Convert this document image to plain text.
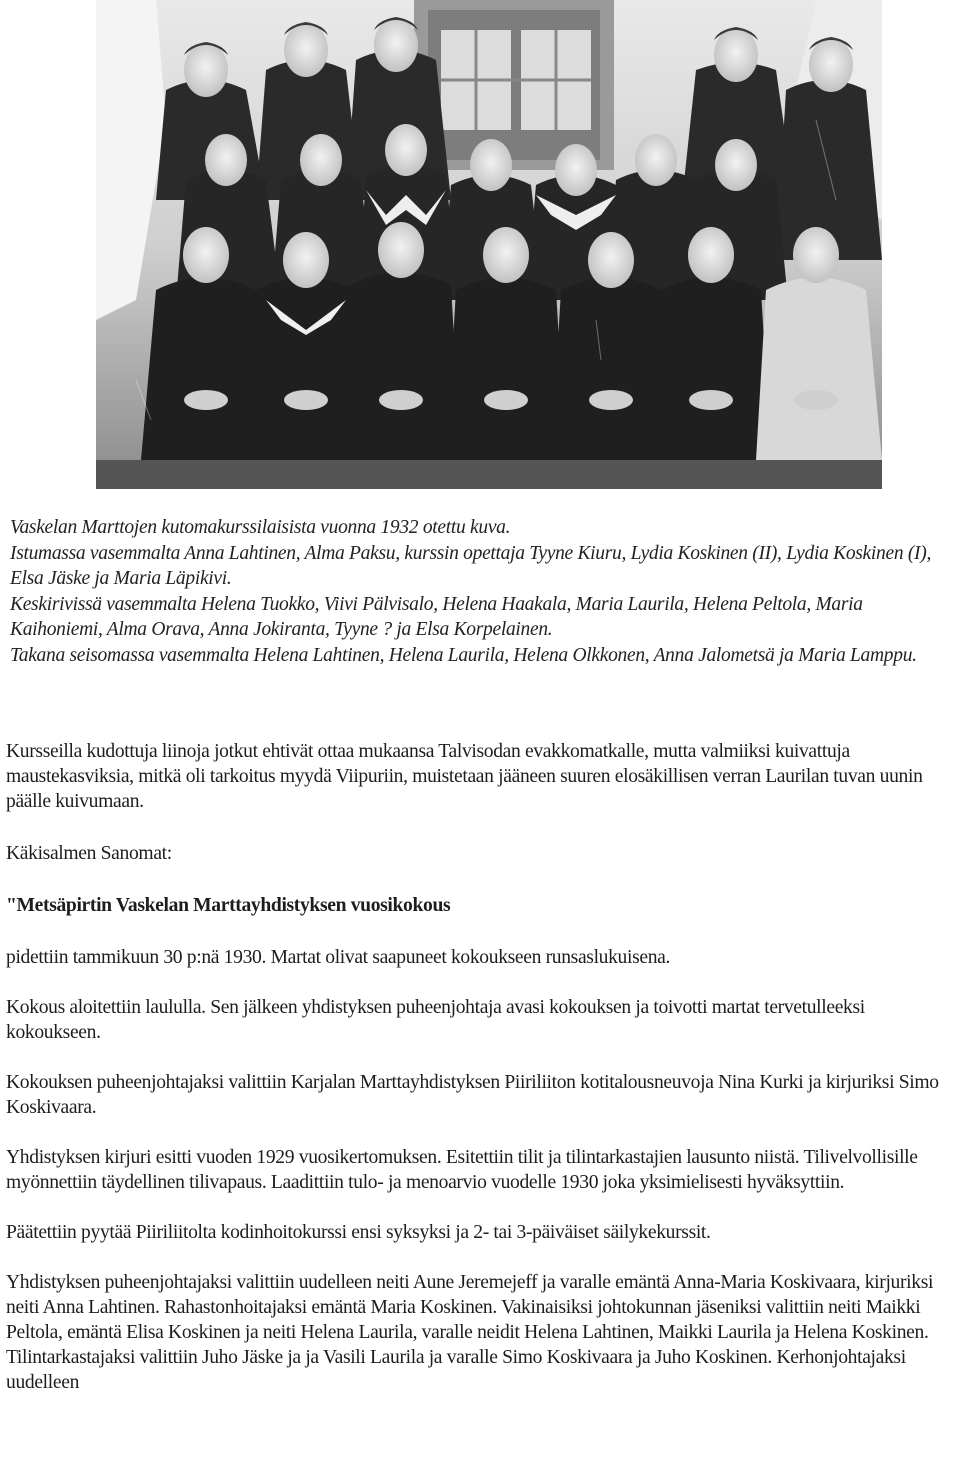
Vaskelan Marttojen kutomakurssilaisista vuonna 1932 otettu kuva.

Istumassa vasemmalta Anna Lahtinen, Alma Paksu, kurssin opettaja Tyyne Kiuru, Lydia Koskinen (II), Lydia Koskinen (I), Elsa Jäske ja Maria Läpikivi.

Keskirivissä vasemmalta Helena Tuokko, Viivi Pälvisalo, Helena Haakala, Maria Laurila, Helena Peltola, Maria Kaihoniemi, Alma Orava, Anna Jokiranta, Tyyne ? ja Elsa Korpelainen.

Takana seisomassa vasemmalta Helena Lahtinen, Helena Laurila, Helena Olkkonen, Anna Jalometsä ja Maria Lamppu.

Kursseilla kudottuja liinoja jotkut ehtivät ottaa mukaansa Talvisodan evakkomatkalle, mutta valmiiksi kuivattuja maustekasviksia, mitkä oli tarkoitus myydä Viipuriin, muistetaan jääneen suuren elosäkillisen verran Laurilan tuvan uunin päälle kuivumaan.

Käkisalmen Sanomat:

"Metsäpirtin Vaskelan Marttayhdistyksen vuosikokous

pidettiin tammikuun 30 p:nä 1930. Martat olivat saapuneet kokoukseen runsaslukuisena.

Kokous aloitettiin laululla. Sen jälkeen yhdistyksen puheenjohtaja avasi kokouksen ja toivotti martat tervetulleeksi kokoukseen.

Kokouksen puheenjohtajaksi valittiin Karjalan Marttayhdistyksen Piiriliiton kotitalousneuvoja Nina Kurki ja kirjuriksi Simo Koskivaara.

Yhdistyksen kirjuri esitti vuoden 1929 vuosikertomuksen. Esitettiin tilit ja tilintarkastajien lausunto niistä. Tilivelvollisille myönnettiin täydellinen tilivapaus. Laadittiin tulo- ja menoarvio vuodelle 1930 joka yksimielisesti hyväksyttiin.

Päätettiin pyytää Piiriliitolta kodinhoitokurssi ensi syksyksi ja 2- tai 3-päiväiset säilykekurssit.

Yhdistyksen puheenjohtajaksi valittiin uudelleen neiti Aune Jeremejeff ja varalle emäntä Anna-Maria Koskivaara, kirjuriksi neiti Anna Lahtinen. Rahastonhoitajaksi emäntä Maria Koskinen. Vakinaisiksi johtokunnan jäseniksi valittiin neiti Maikki Peltola, emäntä Elisa Koskinen ja neiti Helena Laurila, varalle neidit Helena Lahtinen, Maikki Laurila ja Helena Koskinen. Tilintarkastajaksi valittiin Juho Jäske ja ja Vasili Laurila ja varalle Simo Koskivaara ja Juho Koskinen. Kerhonjohtajaksi uudelleen
